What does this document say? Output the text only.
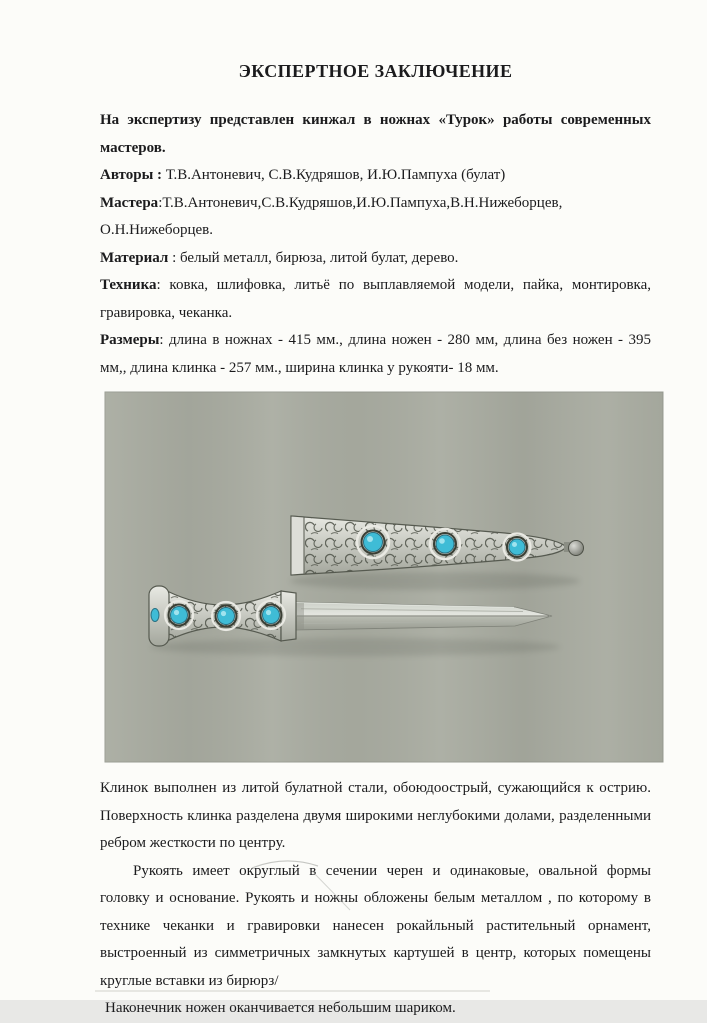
ЭКСПЕРТНОЕ ЗАКЛЮЧЕНИЕ

На экспертизу представлен кинжал в ножнах «Турок» работы современных мастеров.

Авторы : Т.В.Антоневич, С.В.Кудряшов, И.Ю.Пампуха (булат)

Мастера:Т.В.Антоневич,С.В.Кудряшов,И.Ю.Пампуха,В.Н.Нижеборцев, О.Н.Нижеборцев.

Материал : белый металл, бирюза, литой булат, дерево.

Техника: ковка, шлифовка, литьё по выплавляемой модели, пайка, монтировка, гравировка, чеканка.

Размеры: длина в ножнах - 415 мм., длина ножен - 280 мм, длина без ножен - 395 мм,, длина клинка - 257 мм., ширина клинка у рукояти- 18 мм.

Клинок выполнен из литой булатной стали, обоюдоострый, сужающийся к острию. Поверхность клинка разделена двумя широкими неглубокими долами, разделенными ребром жесткости по центру.

Рукоять имеет округлый в сечении черен и одинаковые, овальной формы головку и основание. Рукоять и ножны обложены белым металлом , по которому в технике чеканки и гравировки нанесен рокайльный растительный орнамент, выстроенный из симметричных замкнутых картушей в центр, которых помещены круглые вставки из бирюрз/

Наконечник ножен оканчивается небольшим шариком.
